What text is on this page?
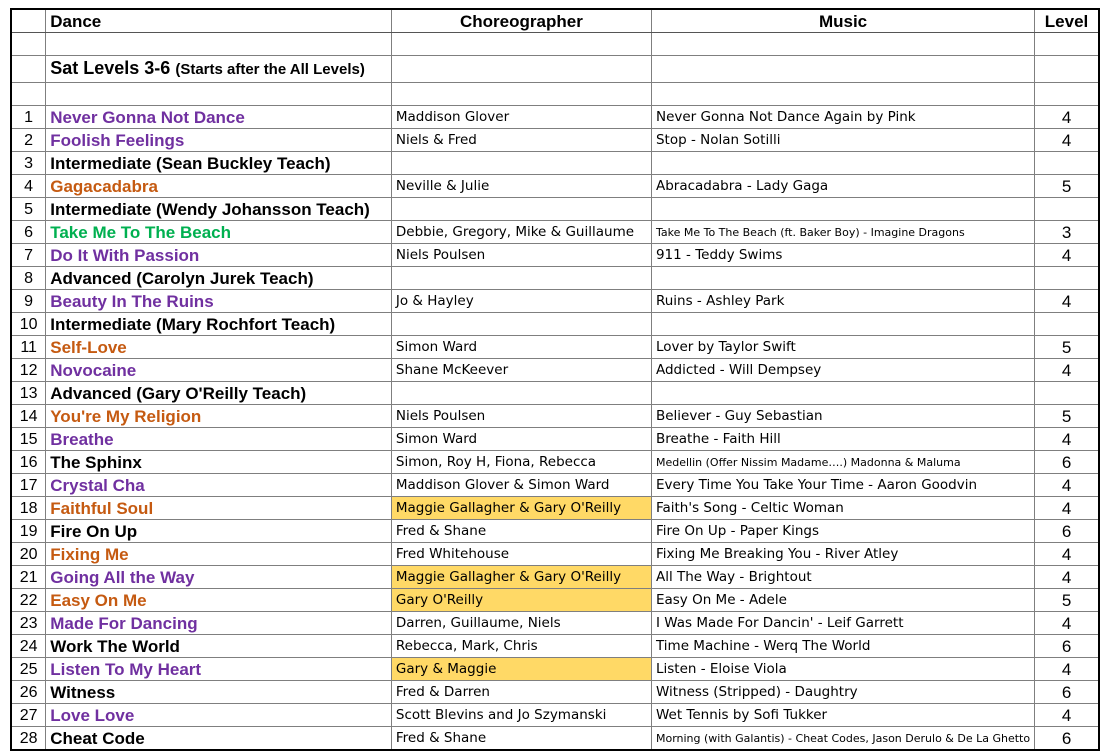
	Dance	Choreographer	Music	Level

	Sat Levels 3-6 (Starts after the All Levels)			

1	Never Gonna Not Dance	Maddison Glover	Never Gonna Not Dance Again by Pink	4
2	Foolish Feelings	Niels & Fred	Stop - Nolan Sotilli	4
3	Intermediate (Sean Buckley Teach)			
4	Gagacadabra	Neville & Julie	Abracadabra - Lady Gaga	5
5	Intermediate (Wendy Johansson Teach)			
6	Take Me To The Beach	Debbie, Gregory, Mike & Guillaume	Take Me To The Beach (ft. Baker Boy) - Imagine Dragons	3
7	Do It With Passion	Niels Poulsen	911 - Teddy Swims	4
8	Advanced (Carolyn Jurek Teach)			
9	Beauty In The Ruins	Jo & Hayley	Ruins - Ashley Park	4
10	Intermediate (Mary Rochfort Teach)			
11	Self-Love	Simon Ward	Lover by Taylor Swift	5
12	Novocaine	Shane McKeever	Addicted - Will Dempsey	4
13	Advanced (Gary O'Reilly Teach)			
14	You're My Religion	Niels Poulsen	Believer - Guy Sebastian	5
15	Breathe	Simon Ward	Breathe - Faith Hill	4
16	The Sphinx	Simon, Roy H, Fiona, Rebecca	Medellin (Offer Nissim Madame….) Madonna & Maluma	6
17	Crystal Cha	Maddison Glover & Simon Ward	Every Time You Take Your Time - Aaron Goodvin	4
18	Faithful Soul	Maggie Gallagher & Gary O'Reilly	Faith's Song - Celtic Woman	4
19	Fire On Up	Fred & Shane	Fire On Up - Paper Kings	6
20	Fixing Me	Fred Whitehouse	Fixing Me Breaking You - River Atley	4
21	Going All the Way	Maggie Gallagher & Gary O'Reilly	All The Way - Brightout	4
22	Easy On Me	Gary O'Reilly	Easy On Me - Adele	5
23	Made For Dancing	Darren, Guillaume, Niels	I Was Made For Dancin' - Leif Garrett	4
24	Work The World	Rebecca, Mark, Chris	Time Machine - Werq The World	6
25	Listen To My Heart	Gary & Maggie	Listen - Eloise Viola	4
26	Witness	Fred & Darren	Witness (Stripped) - Daughtry	6
27	Love Love	Scott Blevins and Jo Szymanski	Wet Tennis by Sofi Tukker	4
28	Cheat Code	Fred & Shane	Morning (with Galantis) - Cheat Codes, Jason Derulo & De La Ghetto	6
